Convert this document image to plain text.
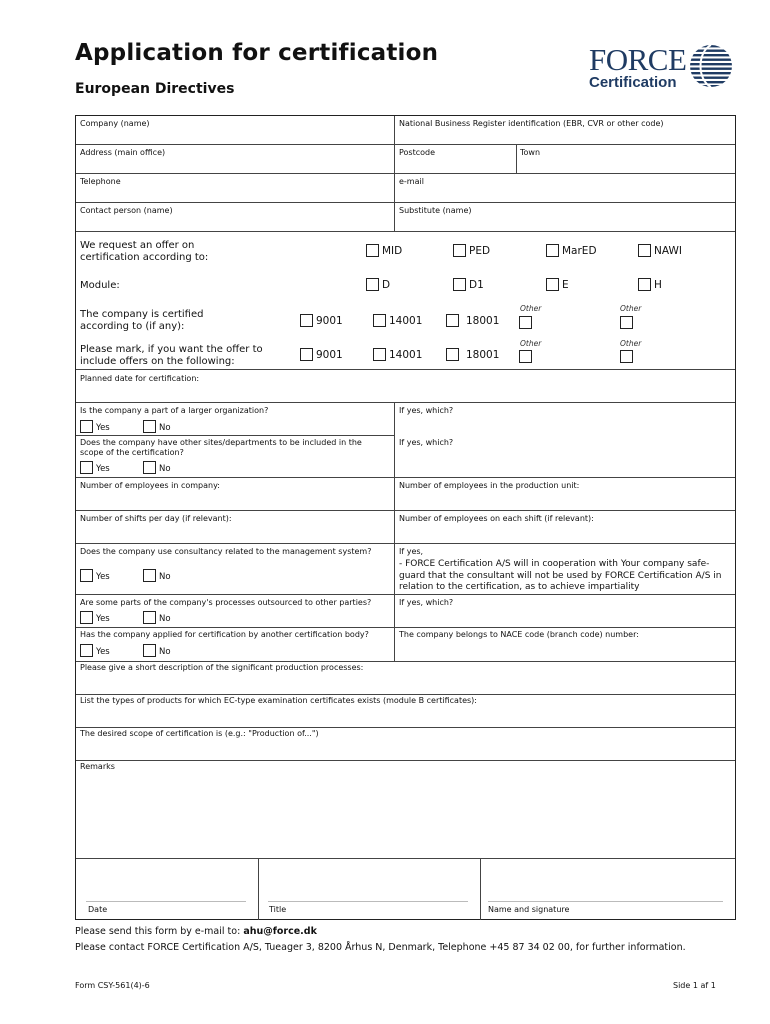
Application for certification
European Directives
FORCE
Certification
Company (name)	National Business Register identification (EBR, CVR or other code)
Address (main office)	Postcode	Town
Telephone	e-mail
Contact person (name)	Substitute (name)
We request an offer on certification according to:
MID	PED	MarED	NAWI
Module:	D	D1	E	H
The company is certified according to (if any):	9001	14001	18001
Other	Other
Please mark, if you want the offer to include offers on the following:
9001	14001	18001
Other	Other
Planned date for certification:
Is the company a part of a larger organization?	If yes, which?
Yes	No
Does the company have other sites/departments to be included in the scope of the certification?
If yes, which?
Yes	No
Number of employees in company:	Number of employees in the production unit:
Number of shifts per day (if relevant):	Number of employees on each shift (if relevant):
Does the company use consultancy related to the management system?	If yes,
- FORCE Certification A/S will in cooperation with Your company safe-guard that the consultant will not be used by FORCE Certification A/S in relation to the certification, as to achieve impartiality
Yes	No
Are some parts of the company's processes outsourced to other parties?	If yes, which?
Yes	No
Has the company applied for certification by another certification body?	The company belongs to NACE code (branch code) number:
Yes	No
Please give a short description of the significant production processes:
List the types of products for which EC-type examination certificates exists (module B certificates):
The desired scope of certification is (e.g.: "Production of...")
Remarks
Date	Title	Name and signature
Please send this form by e-mail to: ahu@force.dk
Please contact FORCE Certification A/S, Tueager 3, 8200 Århus N, Denmark, Telephone +45 87 34 02 00, for further information.
Form CSY-561(4)-6	Side 1 af 1
